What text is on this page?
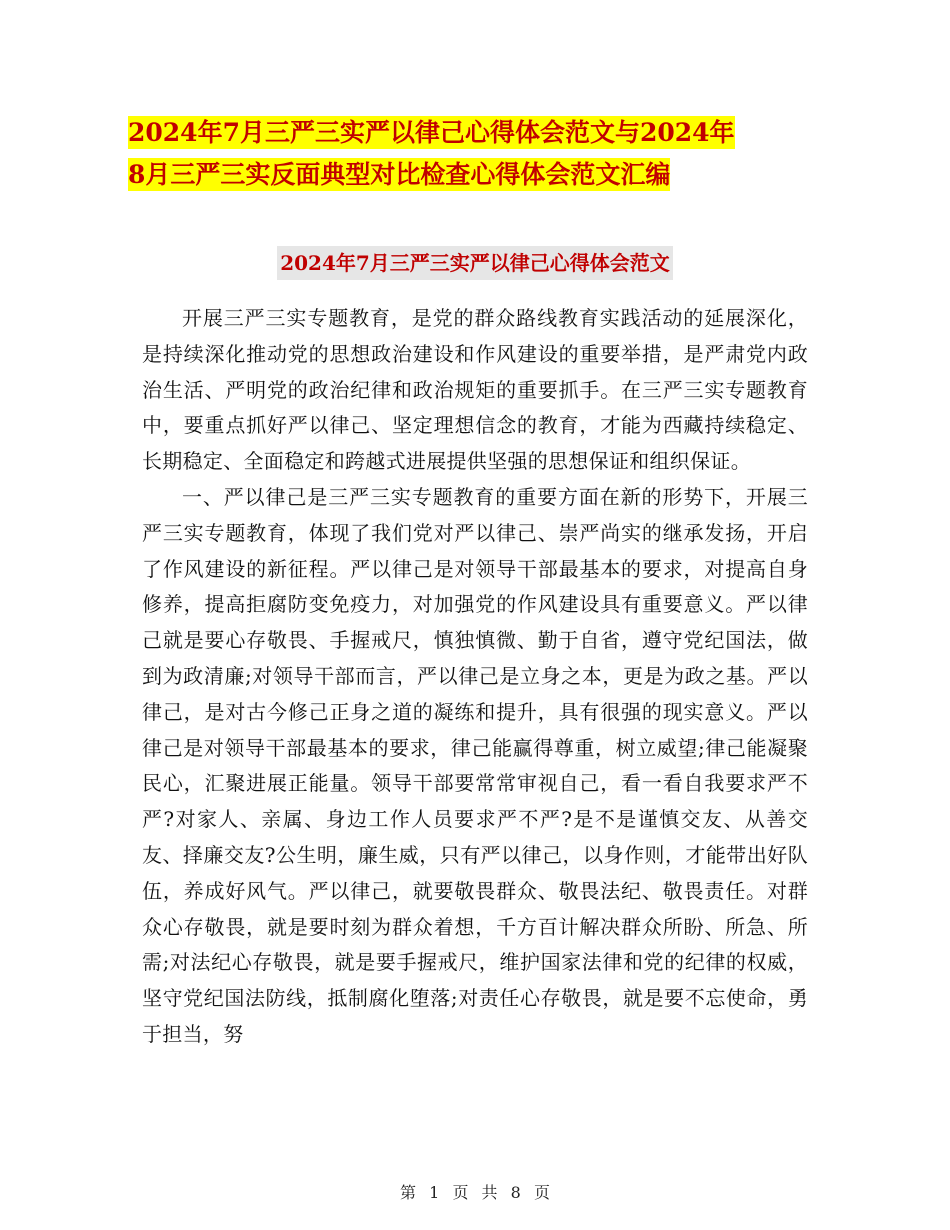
2024年7月三严三实严以律己心得体会范文与2024年
8月三严三实反面典型对比检查心得体会范文汇编
2024年7月三严三实严以律己心得体会范文

开展三严三实专题教育，是党的群众路线教育实践活动的延展深化，是持续深化推动党的思想政治建设和作风建设的重要举措，是严肃党内政治生活、严明党的政治纪律和政治规矩的重要抓手。在三严三实专题教育中，要重点抓好严以律己、坚定理想信念的教育，才能为西藏持续稳定、长期稳定、全面稳定和跨越式进展提供坚强的思想保证和组织保证。

一、严以律己是三严三实专题教育的重要方面在新的形势下，开展三严三实专题教育，体现了我们党对严以律己、崇严尚实的继承发扬，开启了作风建设的新征程。严以律己是对领导干部最基本的要求，对提高自身修养，提高拒腐防变免疫力，对加强党的作风建设具有重要意义。严以律己就是要心存敬畏、手握戒尺，慎独慎微、勤于自省，遵守党纪国法，做到为政清廉;对领导干部而言，严以律己是立身之本，更是为政之基。严以律己，是对古今修己正身之道的凝练和提升，具有很强的现实意义。严以律己是对领导干部最基本的要求，律己能赢得尊重，树立威望;律己能凝聚民心，汇聚进展正能量。领导干部要常常审视自己，看一看自我要求严不严?对家人、亲属、身边工作人员要求严不严?是不是谨慎交友、从善交友、择廉交友?公生明，廉生威，只有严以律己，以身作则，才能带出好队伍，养成好风气。严以律己，就要敬畏群众、敬畏法纪、敬畏责任。对群众心存敬畏，就是要时刻为群众着想，千方百计解决群众所盼、所急、所需;对法纪心存敬畏，就是要手握戒尺，维护国家法律和党的纪律的权威，坚守党纪国法防线，抵制腐化堕落;对责任心存敬畏，就是要不忘使命，勇于担当，努

第 1 页 共 8 页
